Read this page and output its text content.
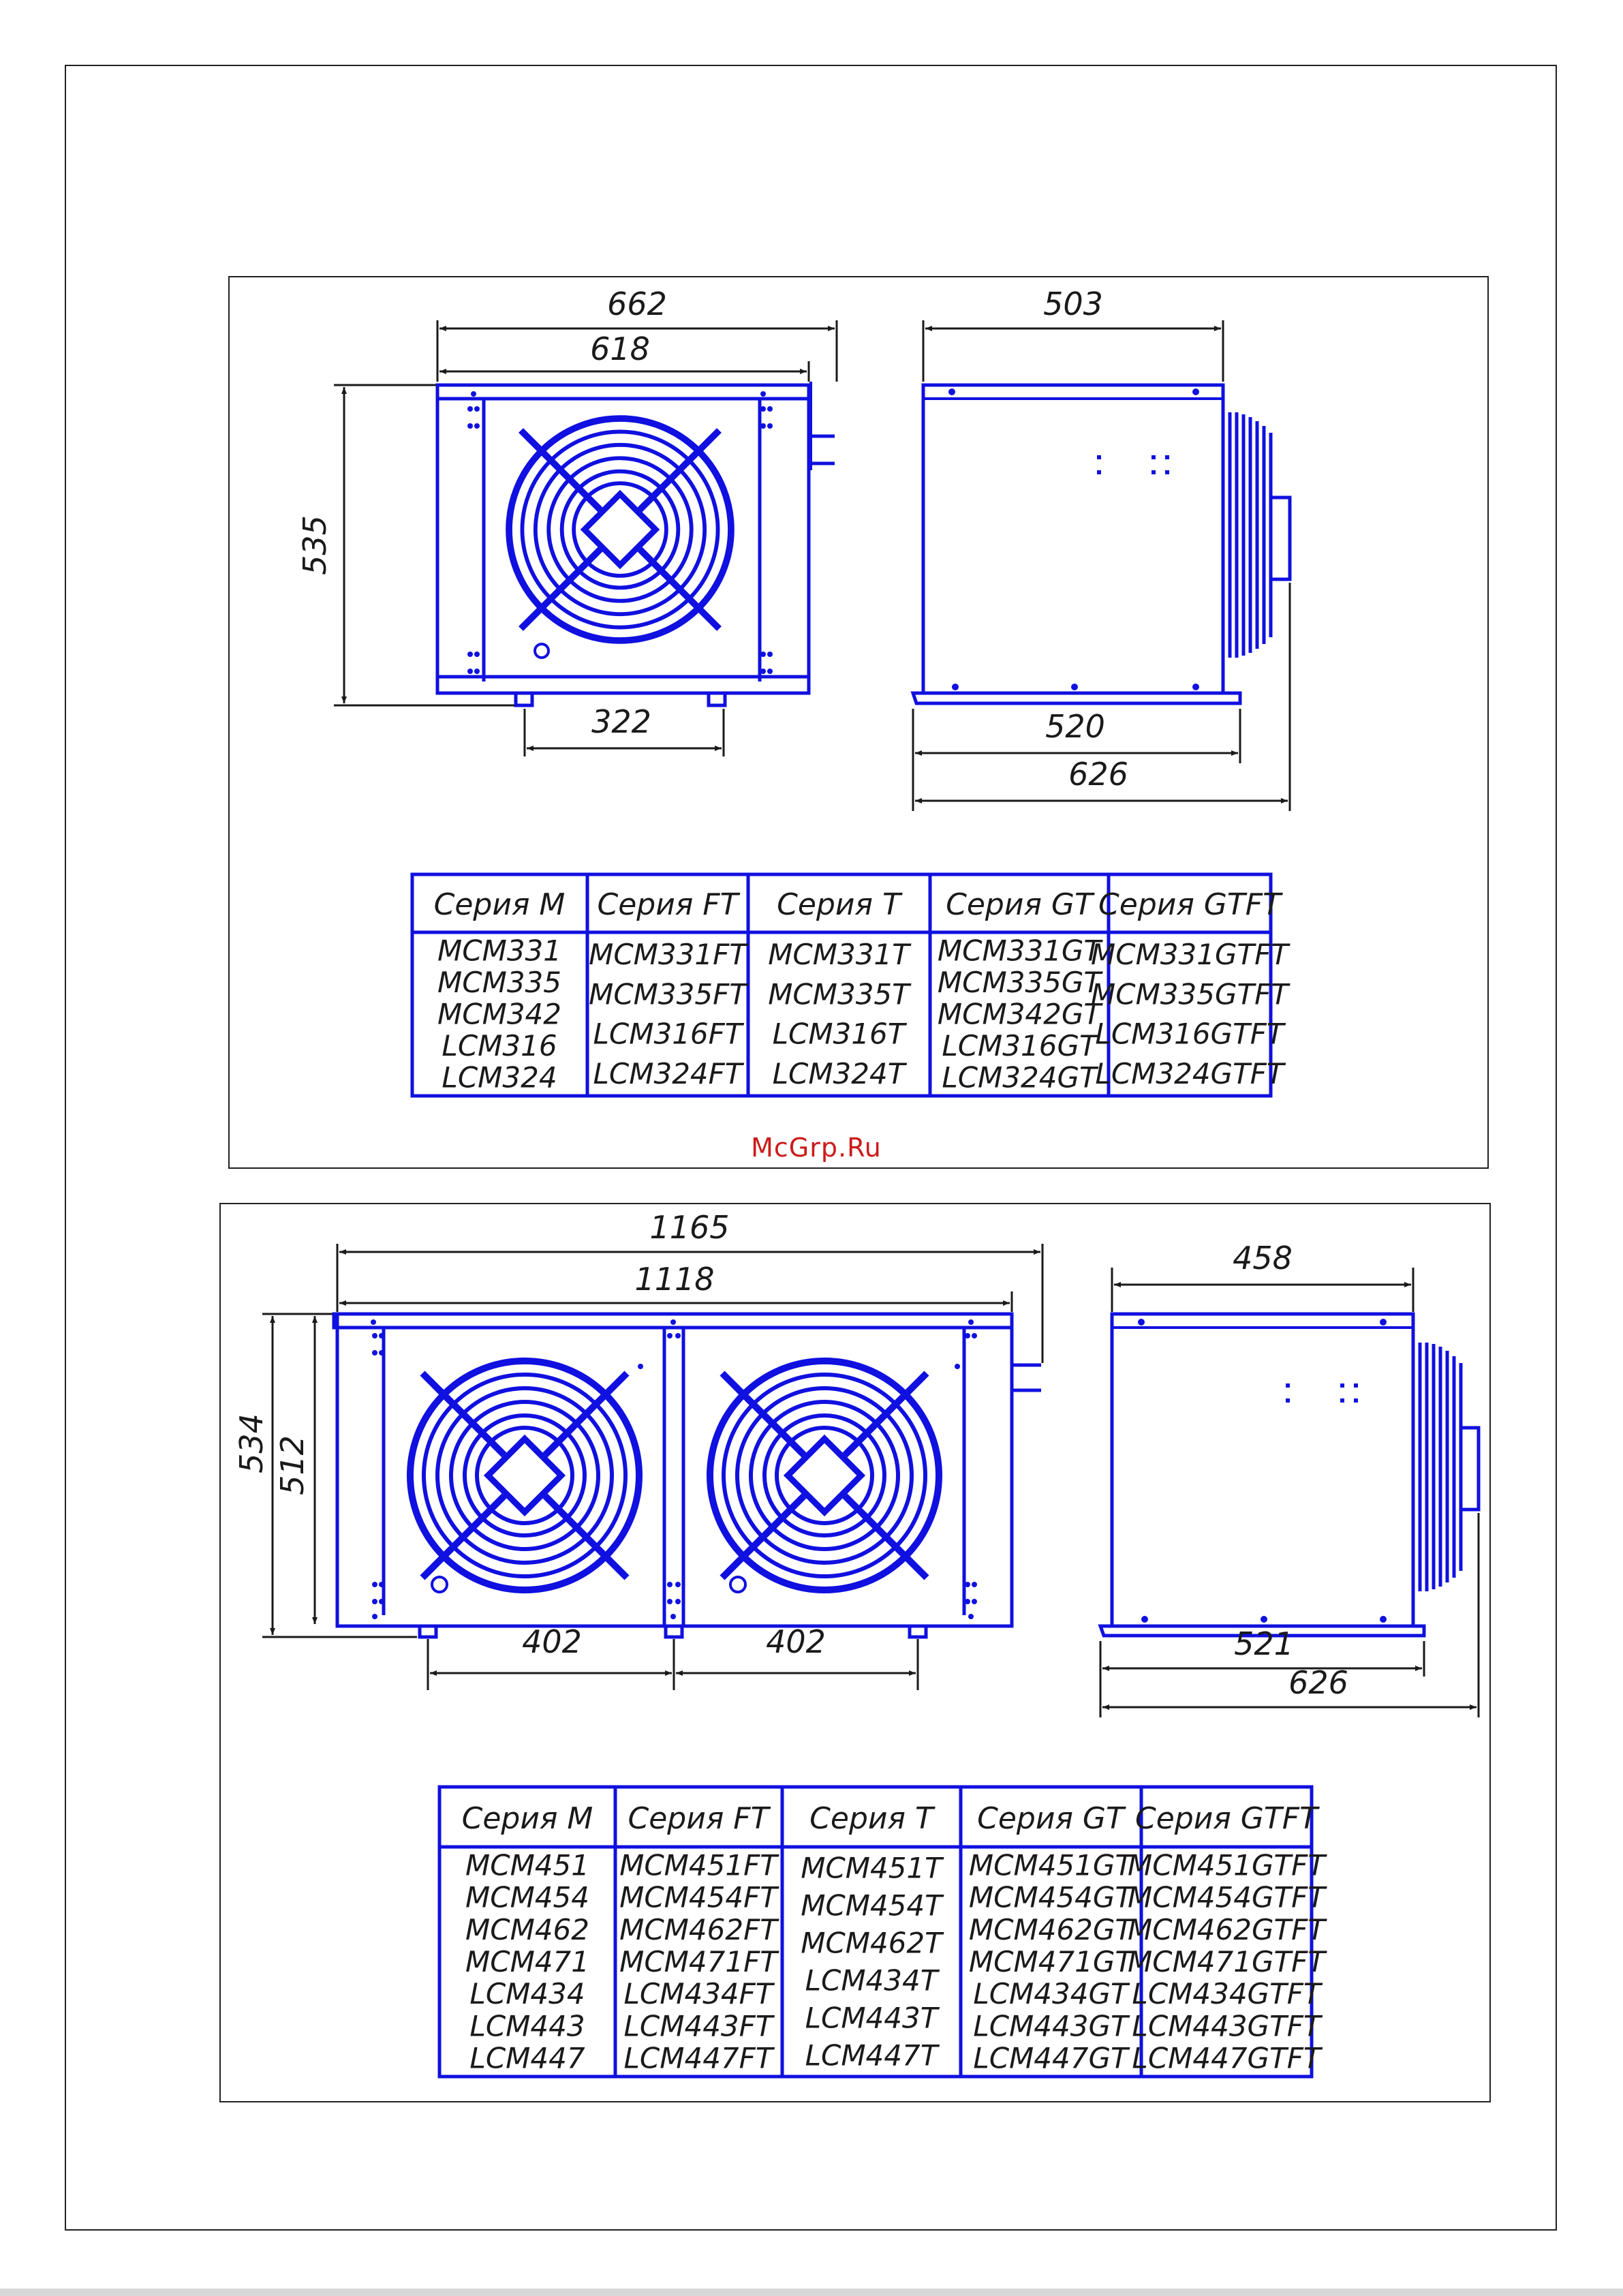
662
618
535
322
503
520
626
Серия M Серия FT Серия T Серия GT Серия GTFT
MCM331
MCM335
MCM342
LCM316
LCM324
MCM331FT
MCM335FT
LCM316FT
LCM324FT
MCM331T
MCM335T
LCM316T
LCM324T
MCM331GT
MCM335GT
MCM342GT
LCM316GT
LCM324GT
MCM331GTFT
MCM335GTFT
LCM316GTFT
LCM324GTFT
1165
1118
534 512
402	402
458
521
626
Серия M Серия FT Серия T Серия GT Серия GTFT
MCM451
MCM454
MCM462
MCM471
LCM434
LCM443
LCM447
MCM451FT
MCM454FT
MCM462FT
MCM471FT
LCM434FT
LCM443FT
LCM447FT
MCM451T
MCM454T
MCM462T
LCM434T
LCM443T
LCM447T
MCM451GT
MCM454GT
MCM462GT
MCM471GT
LCM434GT
LCM443GT
LCM447GT
MCM451GTFT
MCM454GTFT
MCM462GTFT
MCM471GTFT
LCM434GTFT
LCM443GTFT
LCM447GTFT
McGrp.Ru
